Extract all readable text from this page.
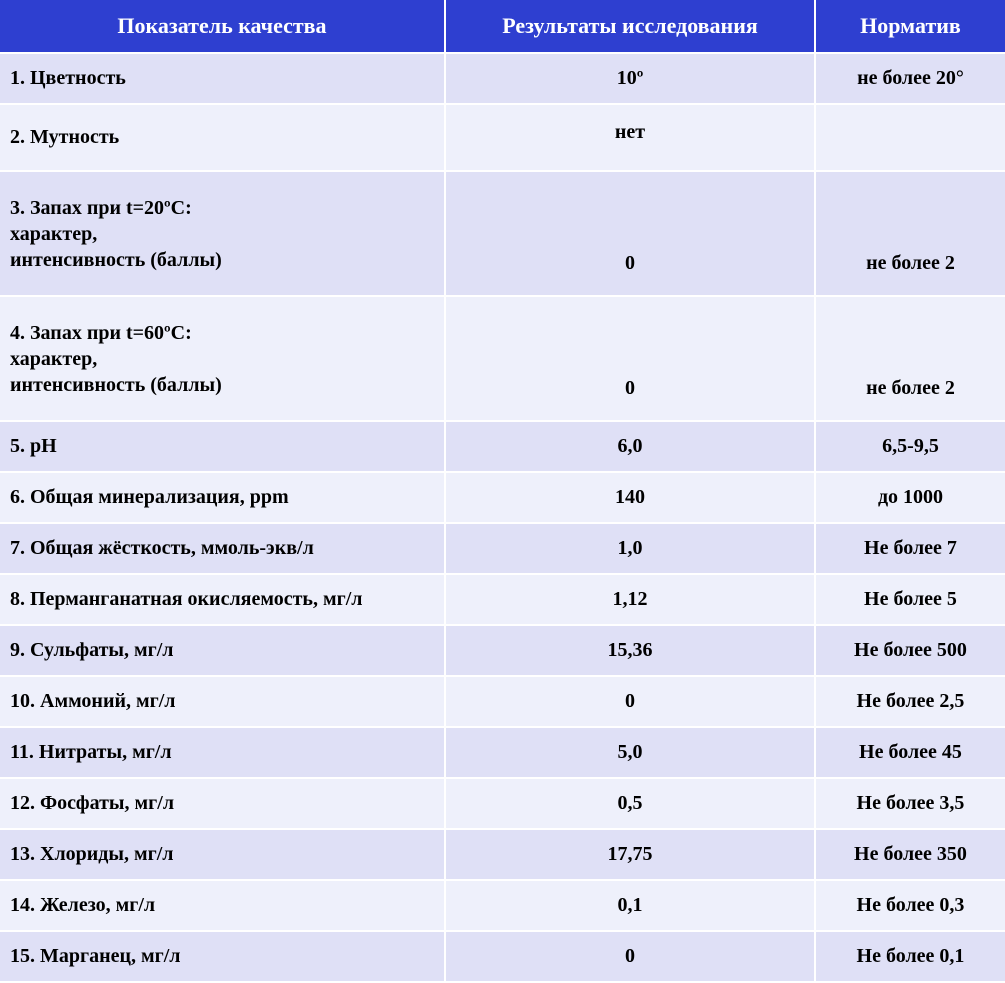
Показатель качества	Результаты исследования	Норматив
1. Цветность	10º	не более 20°
2. Мутность	нет	

3. Запах при t=20ºС:
характер,
интенсивность (баллы)	0	не более 2

4. Запах при t=60ºС:
характер,
интенсивность (баллы)	0	не более 2
5. pH	6,0	6,5-9,5
6. Общая минерализация, ppm	140	до 1000
7. Общая жёсткость, ммоль-экв/л	1,0	Не более 7
8. Перманганатная окисляемость, мг/л	1,12	Не более 5
9. Сульфаты, мг/л	15,36	Не более 500
10. Аммоний, мг/л	0	Не более 2,5
11. Нитраты, мг/л	5,0	Не более 45
12. Фосфаты, мг/л	0,5	Не более 3,5
13. Хлориды, мг/л	17,75	Не более 350
14. Железо, мг/л	0,1	Не более 0,3
15. Марганец, мг/л	0	Не более 0,1
